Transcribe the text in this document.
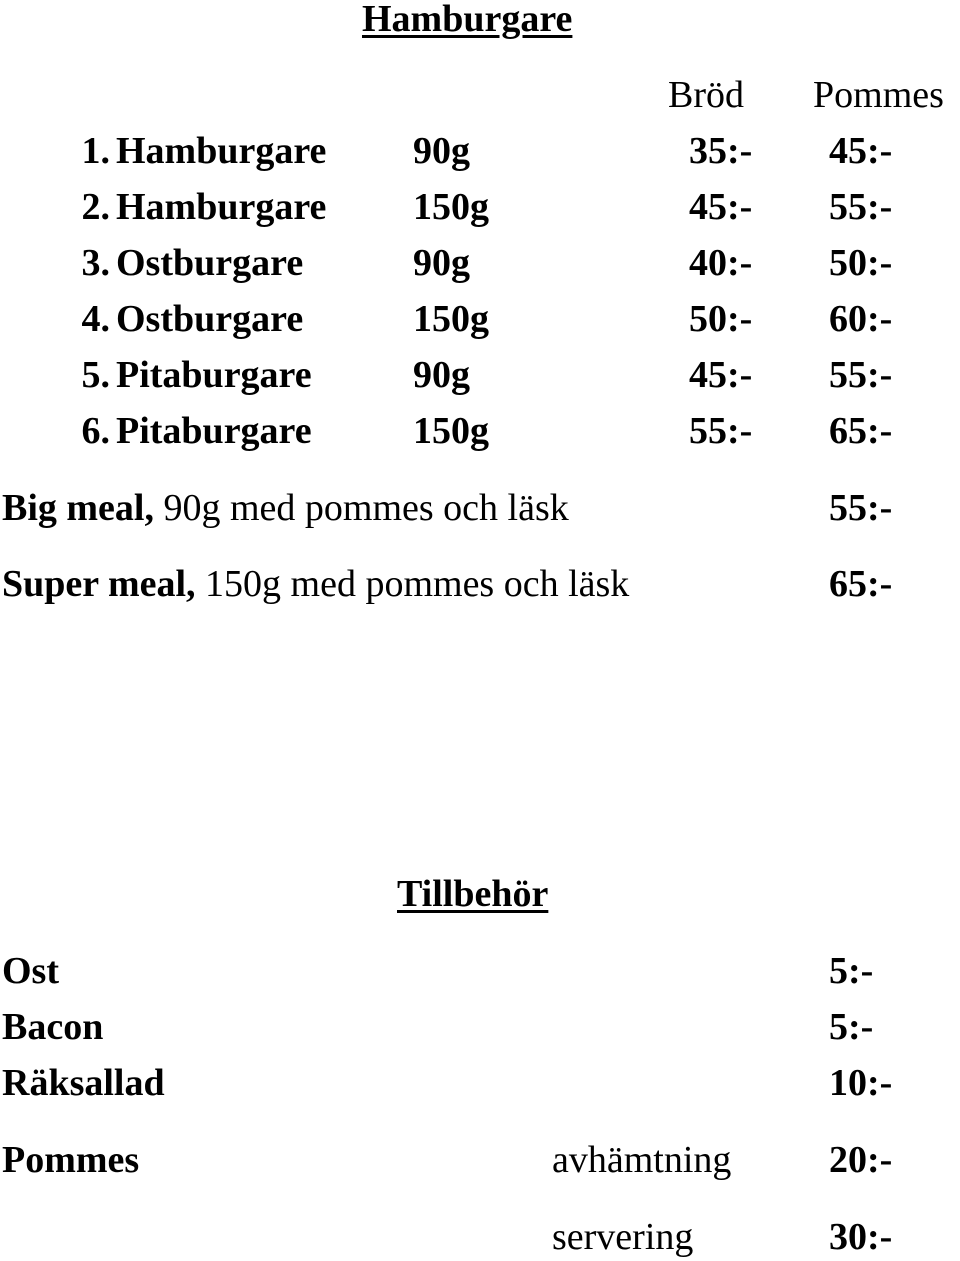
Hamburgare
Bröd Pommes
1. Hamburgare 90g	35:- 45:-
2. Hamburgare 150g	45:- 55:-
3. Ostburgare	90g	40:- 50:-
4. Ostburgare	150g	50:- 60:-
5. Pitaburgare	90g	45:- 55:-
6. Pitaburgare	150g	55:- 65:-
Big meal, 90g med pommes och läsk	55:-
Super meal, 150g med pommes och läsk	65:-
Tillbehör
Ost	5:-
Bacon	5:-
Räksallad	10:-
Pommes	avhämtning	20:-
servering	30:-
